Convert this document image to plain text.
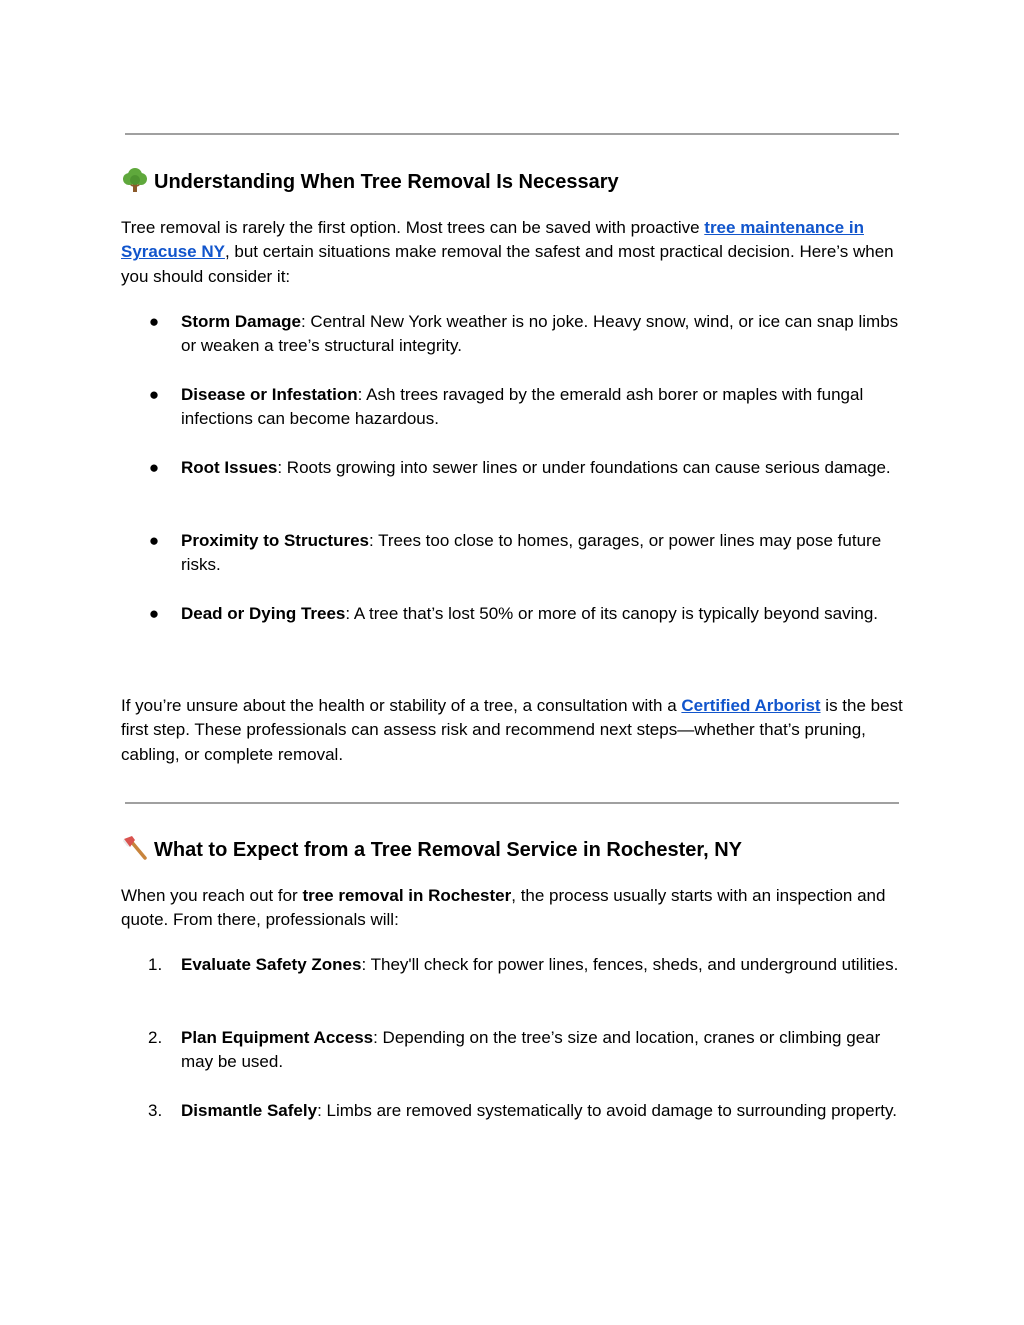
Understanding When Tree Removal Is Necessary

Tree removal is rarely the first option. Most trees can be saved with proactive tree maintenance in Syracuse NY, but certain situations make removal the safest and most practical decision. Here’s when you should consider it:

●	Storm Damage: Central New York weather is no joke. Heavy snow, wind, or ice can snap limbs or weaken a tree’s structural integrity.

●	Disease or Infestation: Ash trees ravaged by the emerald ash borer or maples with fungal infections can become hazardous.

●	Root Issues: Roots growing into sewer lines or under foundations can cause serious damage.

●	Proximity to Structures: Trees too close to homes, garages, or power lines may pose future risks.

●	Dead or Dying Trees: A tree that’s lost 50% or more of its canopy is typically beyond saving.

If you’re unsure about the health or stability of a tree, a consultation with a Certified Arborist is the best first step. These professionals can assess risk and recommend next steps—whether that’s pruning, cabling, or complete removal.

What to Expect from a Tree Removal Service in Rochester, NY

When you reach out for tree removal in Rochester, the process usually starts with an inspection and quote. From there, professionals will:

1.	Evaluate Safety Zones: They'll check for power lines, fences, sheds, and underground utilities.

2.	Plan Equipment Access: Depending on the tree’s size and location, cranes or climbing gear may be used.

3.	Dismantle Safely: Limbs are removed systematically to avoid damage to surrounding property.
